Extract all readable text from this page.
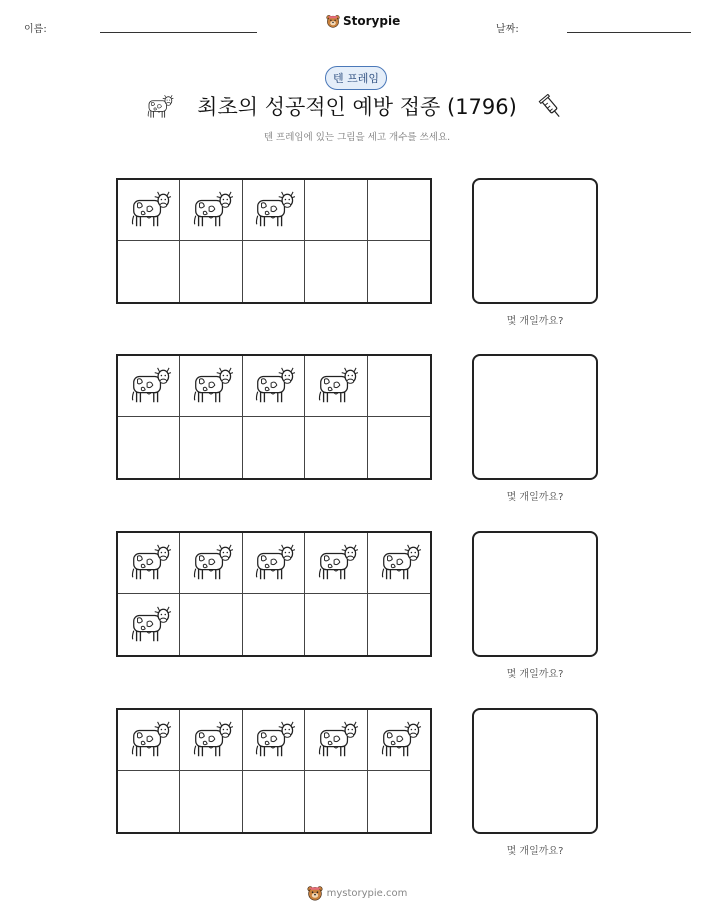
이름:
Storypie
날짜:
텐 프레임
최초의 성공적인 예방 접종 (1796)
텐 프레임에 있는 그림을 세고 개수를 쓰세요.
몇 개일까요?
몇 개일까요?
몇 개일까요?
몇 개일까요?
mystorypie.com
